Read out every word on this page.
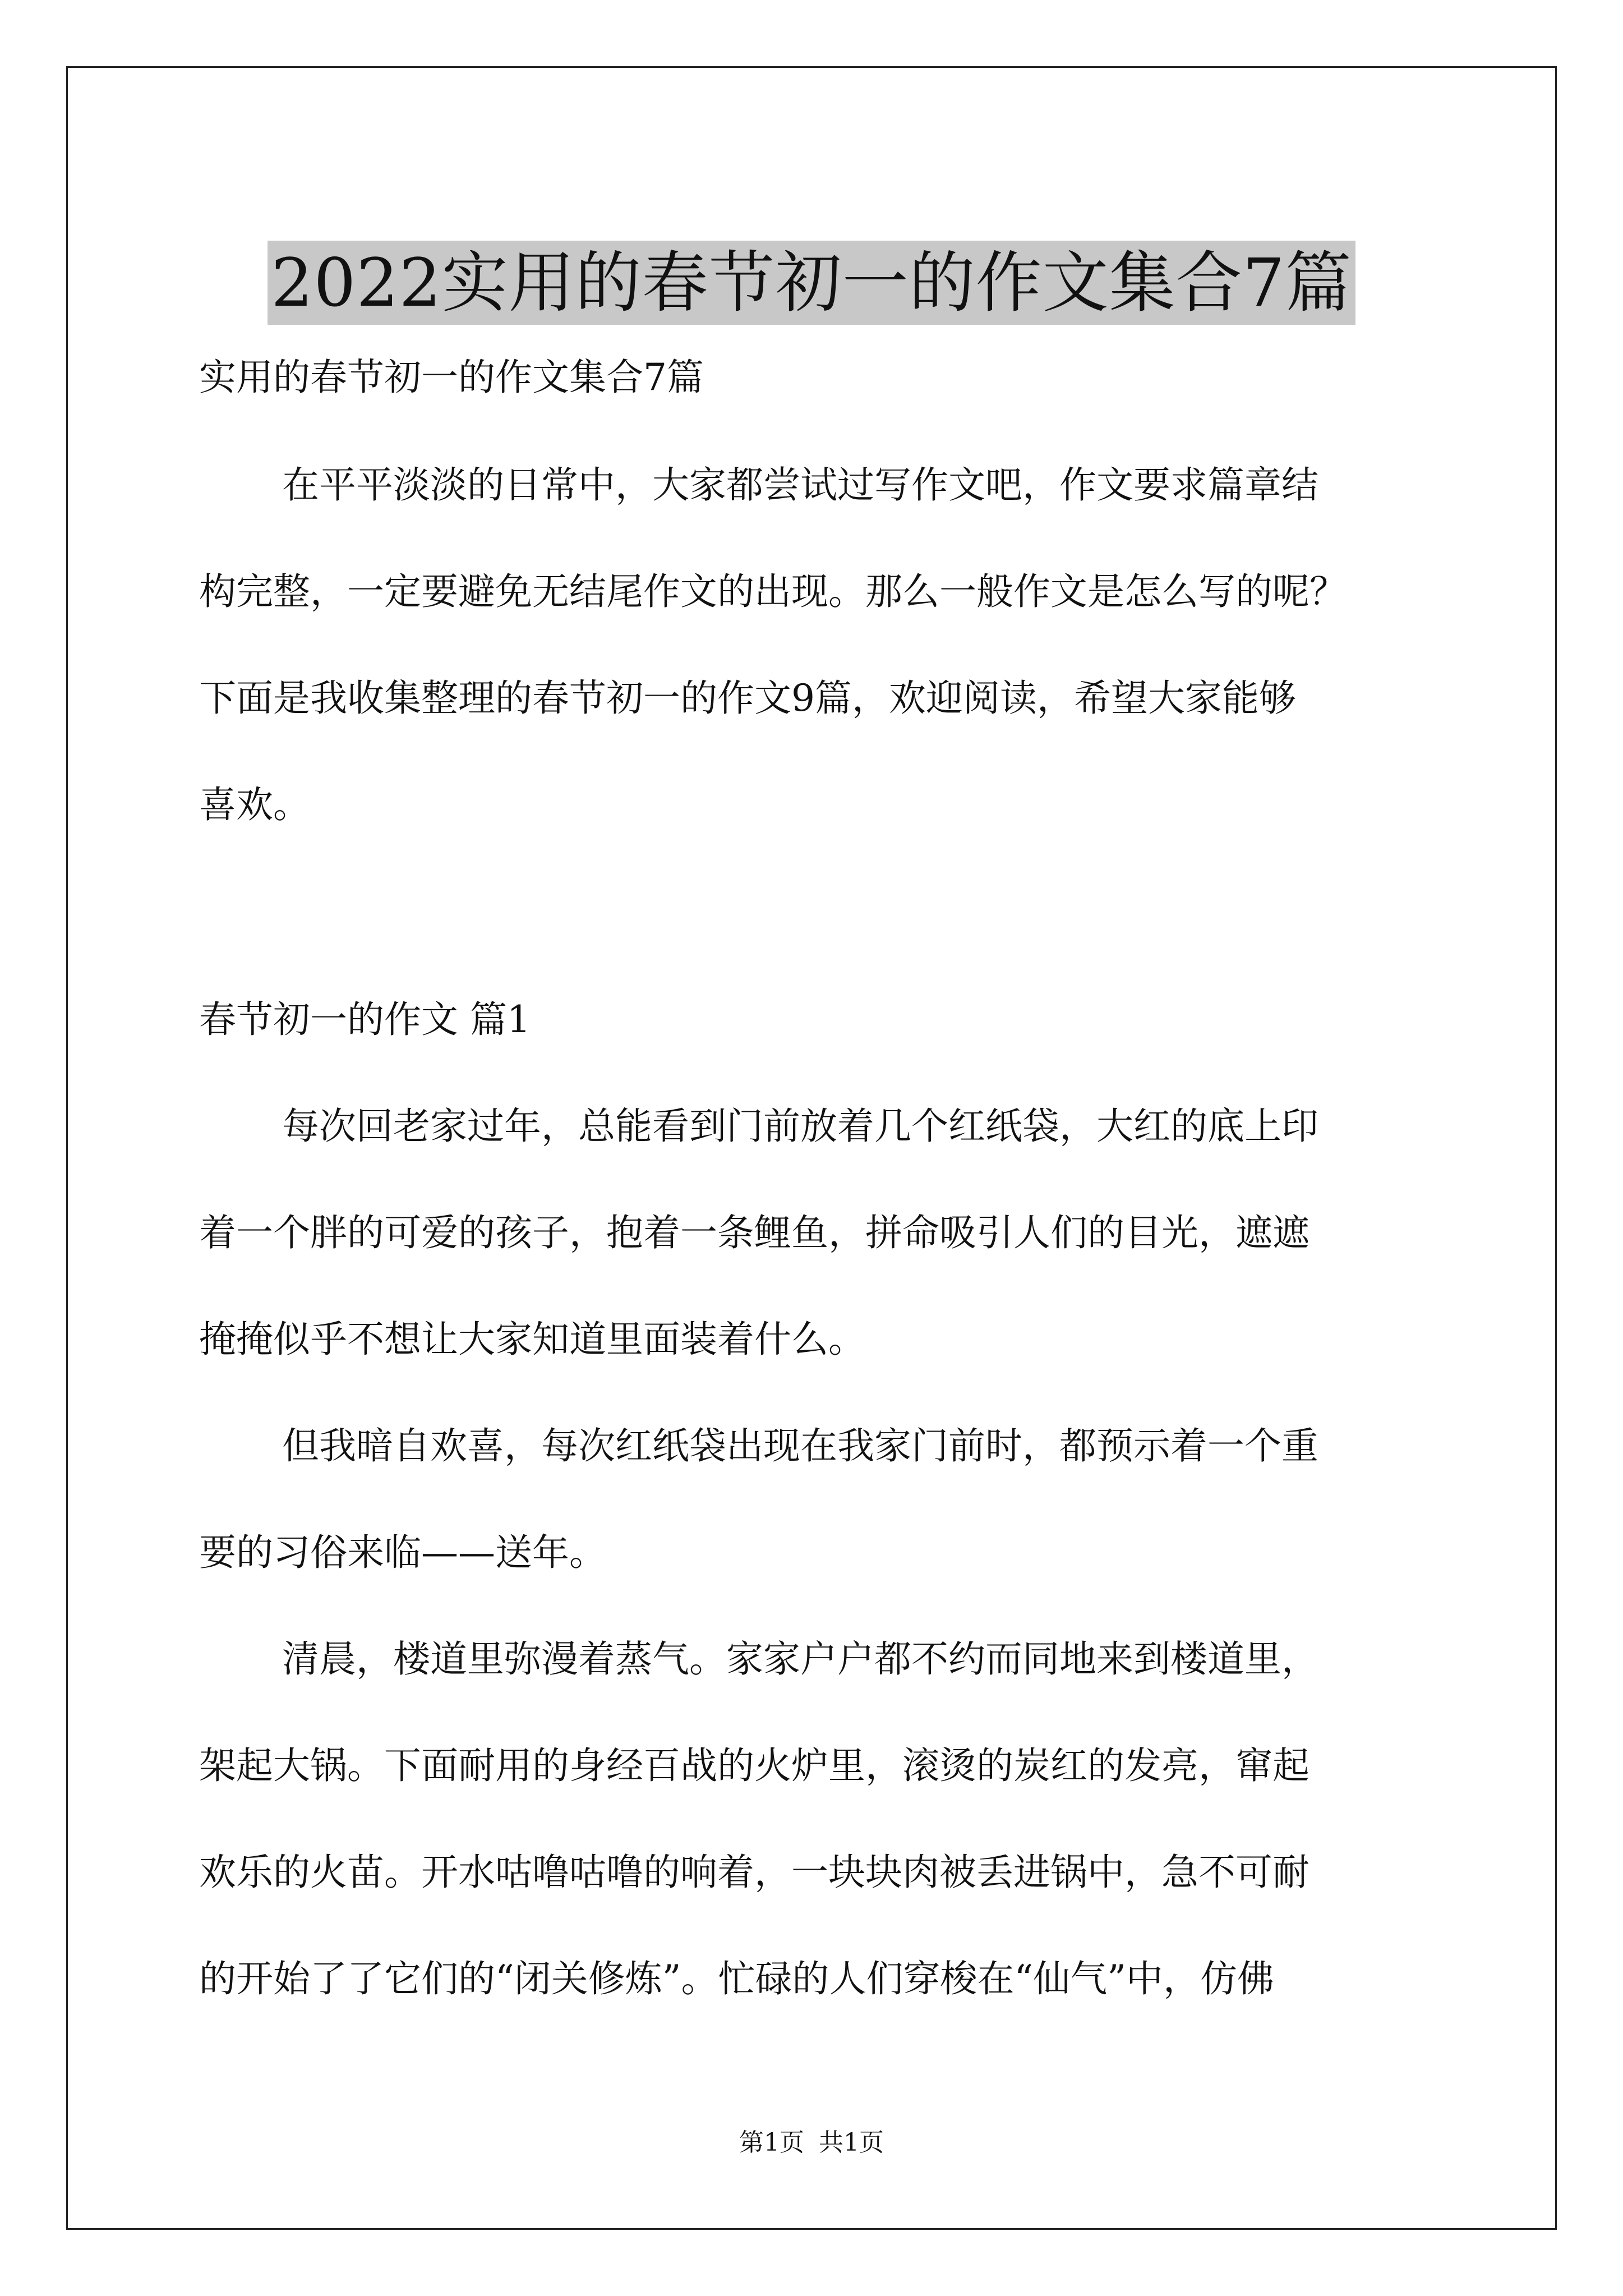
2022实用的春节初一的作文集合7篇
实用的春节初一的作文集合7篇
在平平淡淡的日常中，大家都尝试过写作文吧，作文要求篇章结
构完整，一定要避免无结尾作文的出现。那么一般作文是怎么写的呢？
下面是我收集整理的春节初一的作文9篇，欢迎阅读，希望大家能够
喜欢。
春节初一的作文 篇1
每次回老家过年，总能看到门前放着几个红纸袋，大红的底上印
着一个胖的可爱的孩子，抱着一条鲤鱼，拼命吸引人们的目光，遮遮
掩掩似乎不想让大家知道里面装着什么。
但我暗自欢喜，每次红纸袋出现在我家门前时，都预示着一个重
要的习俗来临——送年。
清晨，楼道里弥漫着蒸气。家家户户都不约而同地来到楼道里，
架起大锅。下面耐用的身经百战的火炉里，滚烫的炭红的发亮，窜起
欢乐的火苗。开水咕噜咕噜的响着，一块块肉被丢进锅中，急不可耐
的开始了了它们的“闭关修炼”。忙碌的人们穿梭在“仙气”中，仿佛
第1页 共1页
